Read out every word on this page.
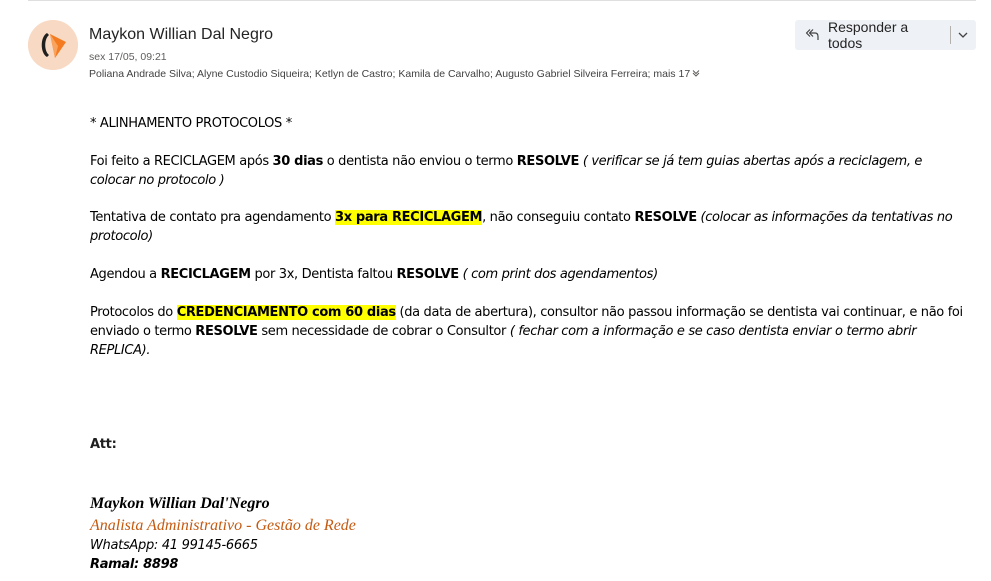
Maykon Willian Dal Negro
sex 17/05, 09:21
Poliana Andrade Silva; Alyne Custodio Siqueira; Ketlyn de Castro; Kamila de Carvalho; Augusto Gabriel Silveira Ferreira; mais 17
Responder a todos

* ALINHAMENTO PROTOCOLOS *

Foi feito a RECICLAGEM após 30 dias o dentista não enviou o termo RESOLVE ( verificar se já tem guias abertas após a reciclagem, e colocar no protocolo )

Tentativa de contato pra agendamento 3x para RECICLAGEM, não conseguiu contato RESOLVE (colocar as informações da tentativas no protocolo)

Agendou a RECICLAGEM por 3x, Dentista faltou RESOLVE ( com print dos agendamentos)

Protocolos do CREDENCIAMENTO com 60 dias (da data de abertura), consultor não passou informação se dentista vai continuar, e não foi enviado o termo RESOLVE sem necessidade de cobrar o Consultor ( fechar com a informação e se caso dentista enviar o termo abrir REPLICA).

Att:
Maykon Willian Dal'Negro
Analista Administrativo - Gestão de Rede
WhatsApp: 41 99145-6665
Ramal: 8898
